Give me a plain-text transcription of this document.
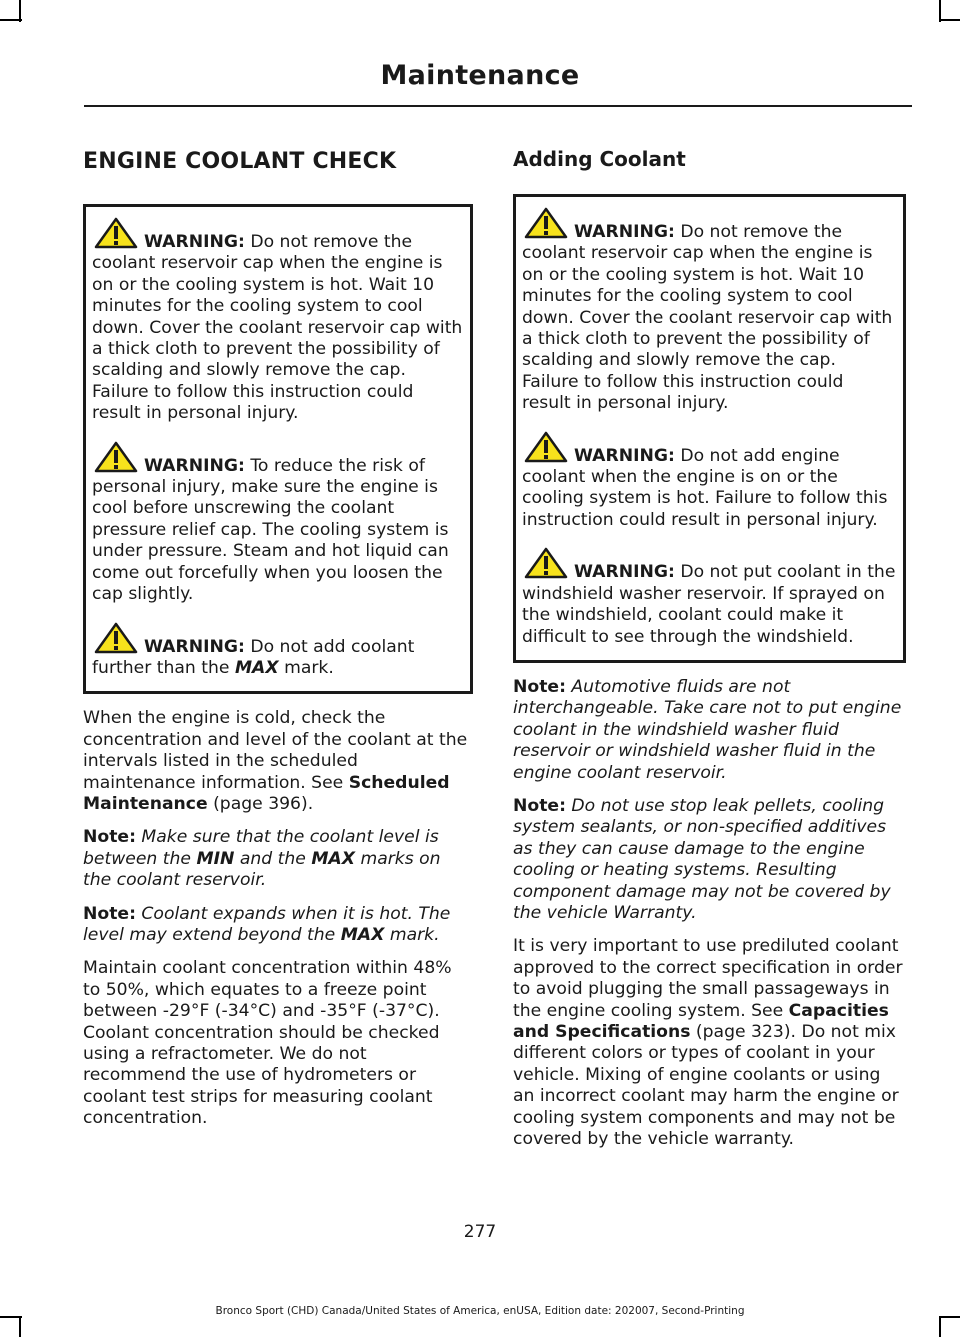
Maintenance
ENGINE COOLANT CHECK

WARNING: Do not remove the coolant reservoir cap when the engine is on or the cooling system is hot. Wait 10 minutes for the cooling system to cool down. Cover the coolant reservoir cap with a thick cloth to prevent the possibility of scalding and slowly remove the cap. Failure to follow this instruction could result in personal injury.

WARNING: To reduce the risk of personal injury, make sure the engine is cool before unscrewing the coolant pressure relief cap. The cooling system is under pressure. Steam and hot liquid can come out forcefully when you loosen the cap slightly.

WARNING: Do not add coolant further than the MAX mark.

When the engine is cold, check the concentration and level of the coolant at the intervals listed in the scheduled maintenance information. See Scheduled Maintenance (page 396).

Note: Make sure that the coolant level is between the MIN and the MAX marks on the coolant reservoir.

Note: Coolant expands when it is hot. The level may extend beyond the MAX mark.

Maintain coolant concentration within 48% to 50%, which equates to a freeze point between -29°F (-34°C) and -35°F (-37°C). Coolant concentration should be checked using a refractometer. We do not recommend the use of hydrometers or coolant test strips for measuring coolant concentration.

Adding Coolant

WARNING: Do not remove the coolant reservoir cap when the engine is on or the cooling system is hot. Wait 10 minutes for the cooling system to cool down. Cover the coolant reservoir cap with a thick cloth to prevent the possibility of scalding and slowly remove the cap. Failure to follow this instruction could result in personal injury.

WARNING: Do not add engine coolant when the engine is on or the cooling system is hot. Failure to follow this instruction could result in personal injury.

WARNING: Do not put coolant in the windshield washer reservoir. If sprayed on the windshield, coolant could make it difficult to see through the windshield.

Note: Automotive fluids are not interchangeable. Take care not to put engine coolant in the windshield washer fluid reservoir or windshield washer fluid in the engine coolant reservoir.

Note: Do not use stop leak pellets, cooling system sealants, or non-specified additives as they can cause damage to the engine cooling or heating systems. Resulting component damage may not be covered by the vehicle Warranty.

It is very important to use prediluted coolant approved to the correct specification in order to avoid plugging the small passageways in the engine cooling system. See Capacities and Specifications (page 323). Do not mix different colors or types of coolant in your vehicle. Mixing of engine coolants or using an incorrect coolant may harm the engine or cooling system components and may not be covered by the vehicle warranty.

277
Bronco Sport (CHD) Canada/United States of America, enUSA, Edition date: 202007, Second-Printing
